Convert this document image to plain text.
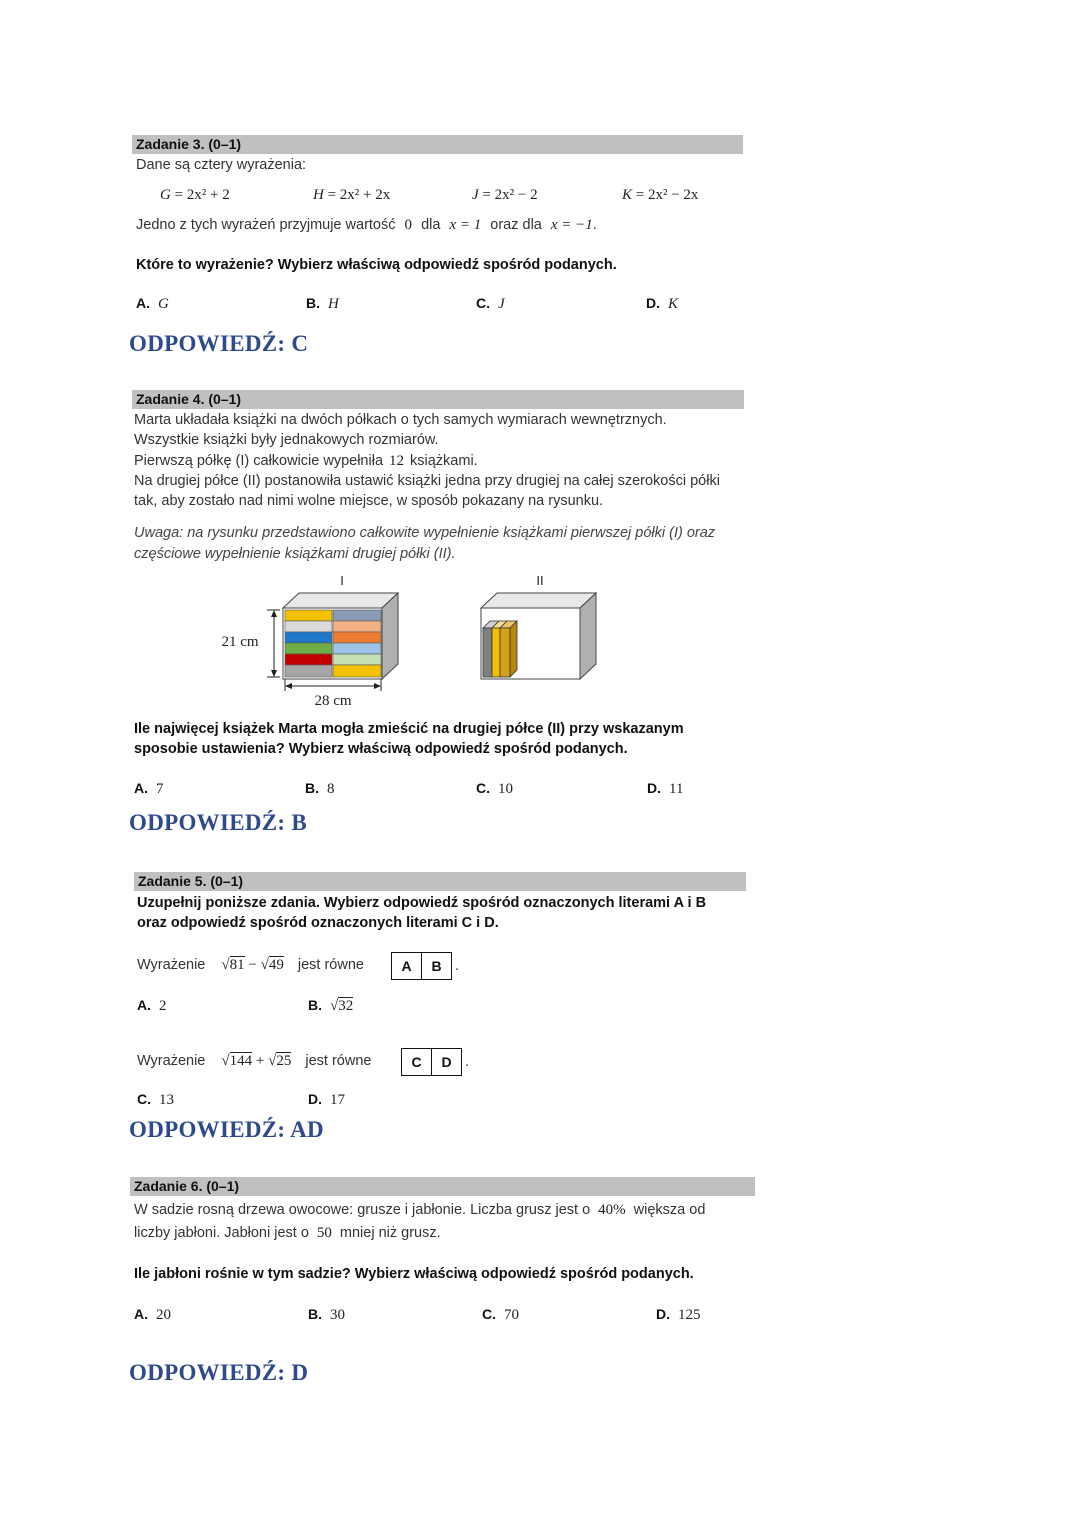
Zadanie 3. (0–1)
Dane są cztery wyrażenia:
G = 2x² + 2	H = 2x² + 2x	J = 2x² − 2	K = 2x² − 2x
Jedno z tych wyrażeń przyjmuje wartość 0 dla x = 1 oraz dla x = −1.
Które to wyrażenie? Wybierz właściwą odpowiedź spośród podanych.
A. G	B. H	C. J	D. K
ODPOWIEDŹ: C
Zadanie 4. (0–1)
Marta układała książki na dwóch półkach o tych samych wymiarach wewnętrznych.
Wszystkie książki były jednakowych rozmiarów.
Pierwszą półkę (I) całkowicie wypełniła 12 książkami.
Na drugiej półce (II) postanowiła ustawić książki jedna przy drugiej na całej szerokości półki
tak, aby zostało nad nimi wolne miejsce, w sposób pokazany na rysunku.
Uwaga: na rysunku przedstawiono całkowite wypełnienie książkami pierwszej półki (I) oraz
częściowe wypełnienie książkami drugiej półki (II).
I	II
21 cm
28 cm
Ile najwięcej książek Marta mogła zmieścić na drugiej półce (II) przy wskazanym
sposobie ustawienia? Wybierz właściwą odpowiedź spośród podanych.
A. 7	B. 8	C. 10	D. 11
ODPOWIEDŹ: B
Zadanie 5. (0–1)
Uzupełnij poniższe zdania. Wybierz odpowiedź spośród oznaczonych literami A i B
oraz odpowiedź spośród oznaczonych literami C i D.
Wyrażenie √81 − √49 jest równe	A	B .
A. 2	B. √32
Wyrażenie √144 + √25 jest równe	C	D .
C. 13	D. 17
ODPOWIEDŹ: AD
Zadanie 6. (0–1)
W sadzie rosną drzewa owocowe: grusze i jabłonie. Liczba grusz jest o 40% większa od
liczby jabłoni. Jabłoni jest o 50 mniej niż grusz.
Ile jabłoni rośnie w tym sadzie? Wybierz właściwą odpowiedź spośród podanych.
A. 20	B. 30	C. 70	D. 125
ODPOWIEDŹ: D
